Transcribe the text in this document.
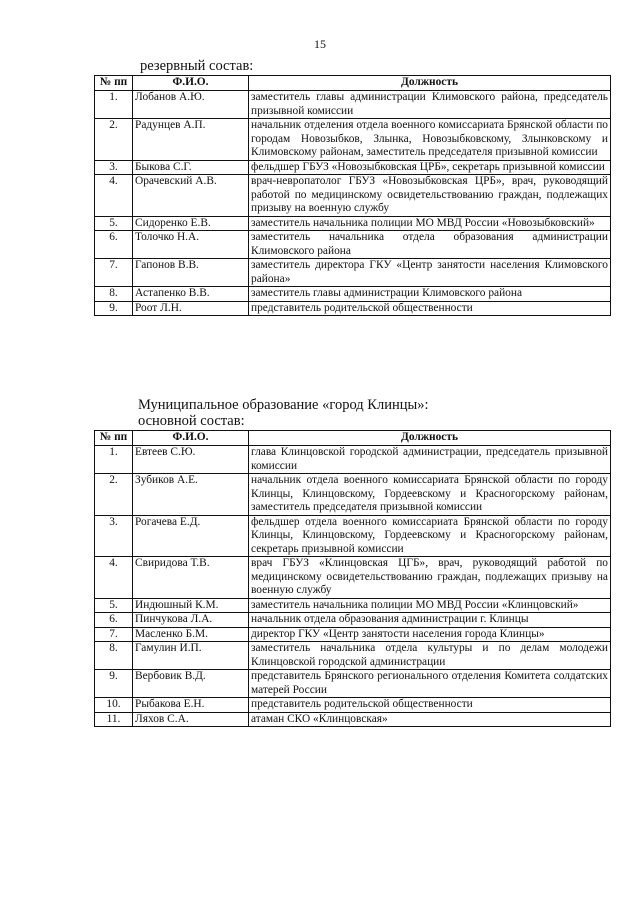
15
резервный состав:
№ пп	Ф.И.О.	Должность
1.	Лобанов А.Ю.	заместитель главы администрации Климовского района, председатель призывной комиссии
2.	Радунцев А.П.	начальник отделения отдела военного комиссариата Брянской области по городам Новозыбков, Злынка, Новозыбковскому, Злынковскому и Климовскому районам, заместитель председателя призывной комиссии
3.	Быкова С.Г.	фельдшер ГБУЗ «Новозыбковская ЦРБ», секретарь призывной комиссии
4.	Орачевский А.В.	врач-невропатолог ГБУЗ «Новозыбковская ЦРБ», врач, руководящий работой по медицинскому освидетельствованию граждан, подлежащих призыву на военную службу
5.	Сидоренко Е.В.	заместитель начальника полиции МО МВД России «Новозыбковский»
6.	Толочко Н.А.	заместитель начальника отдела образования администрации Климовского района
7.	Гапонов В.В.	заместитель директора ГКУ «Центр занятости населения Климовского района»
8.	Астапенко В.В.	заместитель главы администрации Климовского района
9.	Роот Л.Н.	представитель родительской общественности
Муниципальное образование «город Клинцы»:
основной состав:
№ пп	Ф.И.О.	Должность
1.	Евтеев С.Ю.	глава Клинцовской городской администрации, председатель призывной комиссии
2.	Зубиков А.Е.	начальник отдела военного комиссариата Брянской области по городу Клинцы, Клинцовскому, Гордеевскому и Красногорскому районам, заместитель председателя призывной комиссии
3.	Рогачева Е.Д.	фельдшер отдела военного комиссариата Брянской области по городу Клинцы, Клинцовскому, Гордеевскому и Красногорскому районам, секретарь призывной комиссии
4.	Свиридова Т.В.	врач ГБУЗ «Клинцовская ЦГБ», врач, руководящий работой по медицинскому освидетельствованию граждан, подлежащих призыву на военную службу
5.	Индюшный К.М.	заместитель начальника полиции МО МВД России «Клинцовский»
6.	Пинчукова Л.А.	начальник отдела образования администрации г. Клинцы
7.	Масленко Б.М.	директор ГКУ «Центр занятости населения города Клинцы»
8.	Гамулин И.П.	заместитель начальника отдела культуры и по делам молодежи Клинцовской городской администрации
9.	Вербовик В.Д.	представитель Брянского регионального отделения Комитета солдатских матерей России
10.	Рыбакова Е.Н.	представитель родительской общественности
11.	Ляхов С.А.	атаман СКО «Клинцовская»
